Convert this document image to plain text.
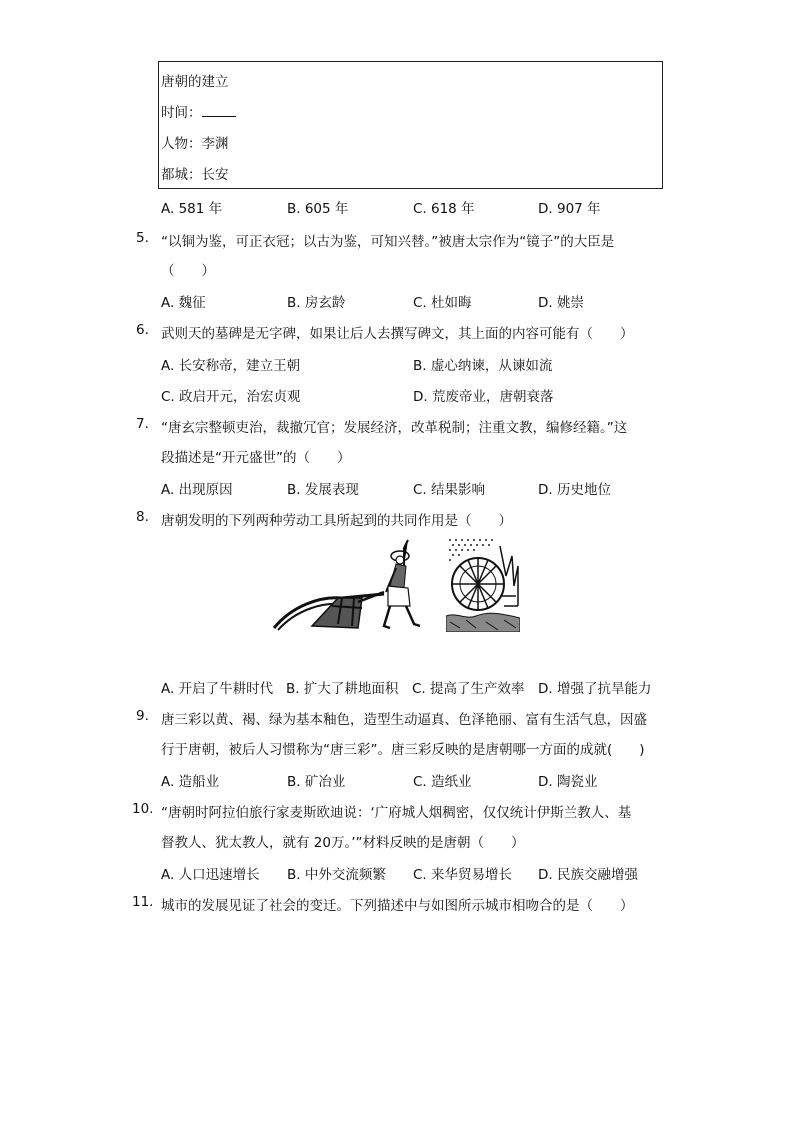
唐朝的建立
时间：
人物：李渊
都城：长安
A. 581 年	B. 605 年	C. 618 年	D. 907 年
5. “以铜为鉴，可正衣冠；以古为鉴，可知兴替。”被唐太宗作为“镜子”的大臣是
（　　）
A. 魏征	B. 房玄龄	C. 杜如晦	D. 姚崇
6. 武则天的墓碑是无字碑，如果让后人去撰写碑文，其上面的内容可能有（　　）
A. 长安称帝，建立王朝	B. 虚心纳谏，从谏如流
C. 政启开元，治宏贞观	D. 荒废帝业，唐朝衰落
7. “唐玄宗整顿吏治，裁撤冗官；发展经济，改革税制；注重文教，编修经籍。”这
段描述是“开元盛世”的（　　）
A. 出现原因	B. 发展表现	C. 结果影响	D. 历史地位
8. 唐朝发明的下列两种劳动工具所起到的共同作用是（　　）
A. 开启了牛耕时代 B. 扩大了耕地面积 C. 提高了生产效率 D. 增强了抗旱能力
9. 唐三彩以黄、褐、绿为基本釉色，造型生动逼真、色泽艳丽、富有生活气息，因盛
行于唐朝，被后人习惯称为“唐三彩”。唐三彩反映的是唐朝哪一方面的成就(　　)
A. 造船业	B. 矿冶业	C. 造纸业	D. 陶瓷业
10. “唐朝时阿拉伯旅行家麦斯欧迪说：‘广府城人烟稠密，仅仅统计伊斯兰教人、基
督教人、犹太教人，就有 20万。’”材料反映的是唐朝（　　）
A. 人口迅速增长 B. 中外交流频繁 C. 来华贸易增长 D. 民族交融增强
11. 城市的发展见证了社会的变迁。下列描述中与如图所示城市相吻合的是（　　）
